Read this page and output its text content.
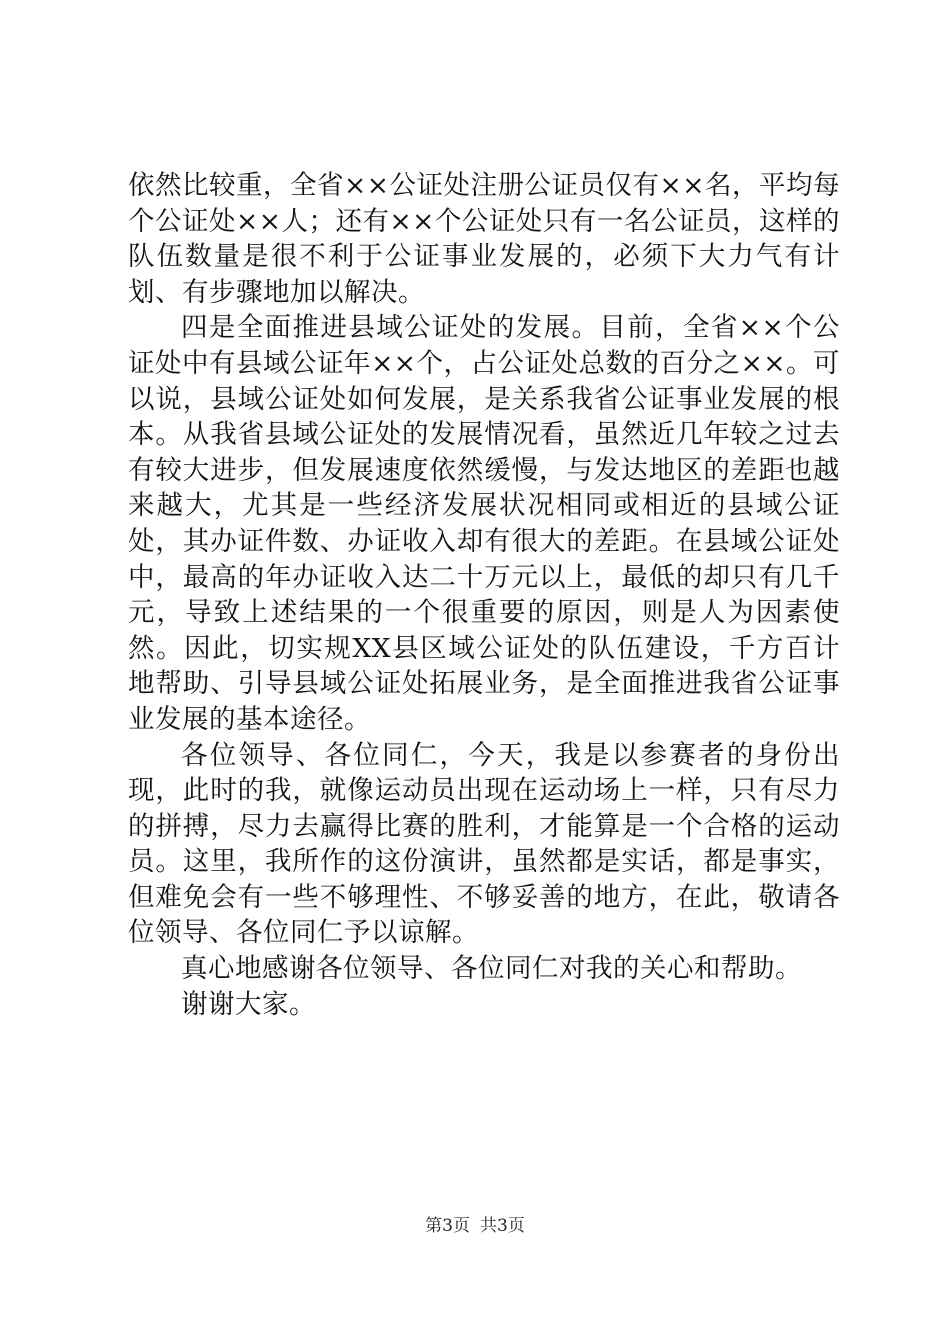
依然比较重，全省××公证处注册公证员仅有××名，平均每个公证处××人；还有××个公证处只有一名公证员，这样的队伍数量是很不利于公证事业发展的，必须下大力气有计划、有步骤地加以解决。

四是全面推进县域公证处的发展。目前，全省××个公证处中有县域公证年××个，占公证处总数的百分之××。可以说，县域公证处如何发展，是关系我省公证事业发展的根本。从我省县域公证处的发展情况看，虽然近几年较之过去有较大进步，但发展速度依然缓慢，与发达地区的差距也越来越大，尤其是一些经济发展状况相同或相近的县域公证处，其办证件数、办证收入却有很大的差距。在县域公证处中，最高的年办证收入达二十万元以上，最低的却只有几千元，导致上述结果的一个很重要的原因，则是人为因素使然。因此，切实规XX县区域公证处的队伍建设，千方百计地帮助、引导县域公证处拓展业务，是全面推进我省公证事业发展的基本途径。

各位领导、各位同仁，今天，我是以参赛者的身份出现，此时的我，就像运动员出现在运动场上一样，只有尽力的拼搏，尽力去赢得比赛的胜利，才能算是一个合格的运动员。这里，我所作的这份演讲，虽然都是实话，都是事实，但难免会有一些不够理性、不够妥善的地方，在此，敬请各位领导、各位同仁予以谅解。

真心地感谢各位领导、各位同仁对我的关心和帮助。

谢谢大家。

第3页 共3页
